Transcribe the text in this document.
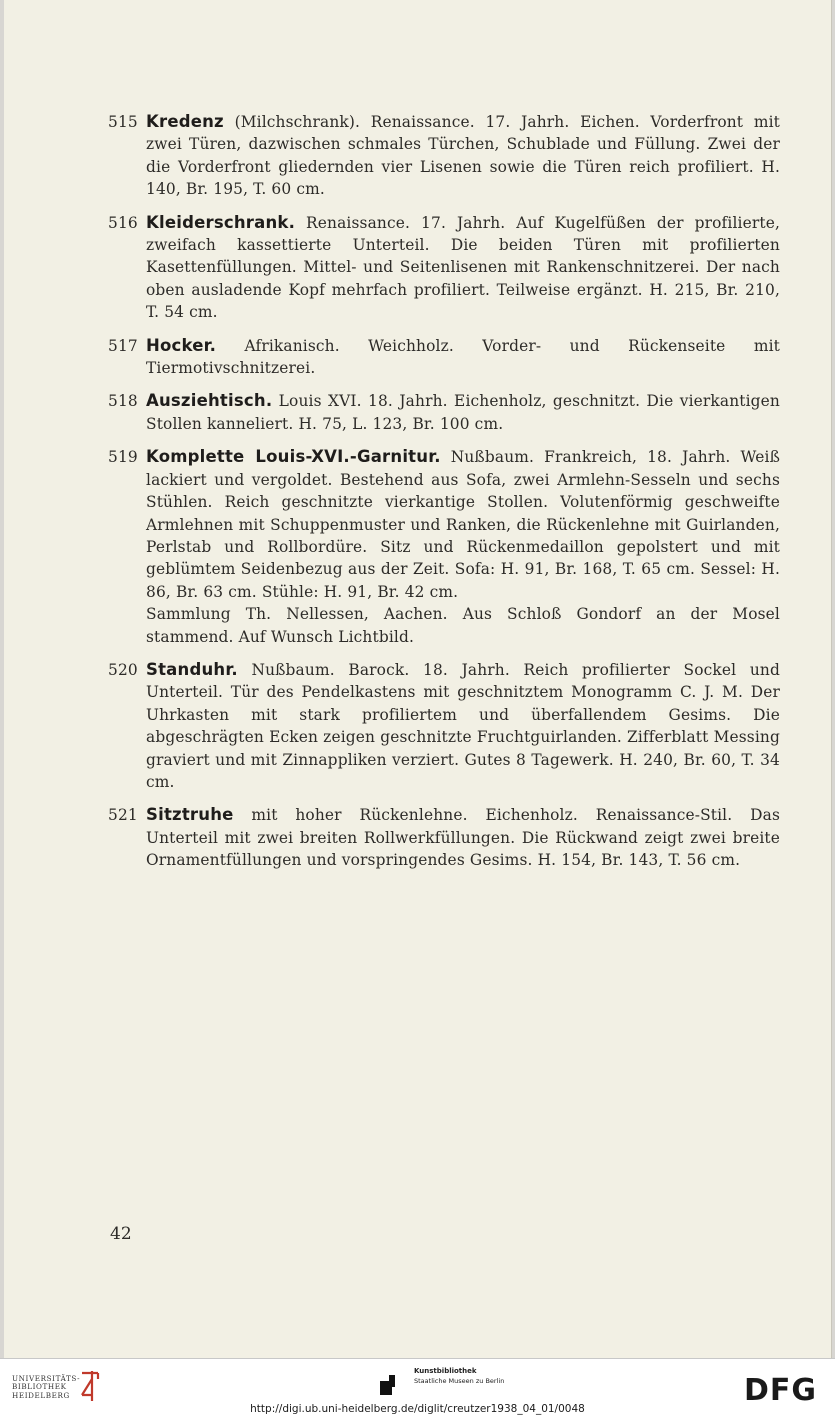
515 Kredenz (Milchschrank). Renaissance. 17. Jahrh. Eichen. Vorderfront mit zwei Türen, dazwischen schmales Türchen, Schublade und Füllung. Zwei der die Vorderfront gliedernden vier Lisenen sowie die Türen reich profiliert. H. 140, Br. 195, T. 60 cm.
516 Kleiderschrank. Renaissance. 17. Jahrh. Auf Kugelfüßen der profilierte, zweifach kassettierte Unterteil. Die beiden Türen mit profilierten Kasettenfüllungen. Mittel- und Seitenlisenen mit Rankenschnitzerei. Der nach oben ausladende Kopf mehrfach profiliert. Teilweise ergänzt. H. 215, Br. 210, T. 54 cm.
517 Hocker. Afrikanisch. Weichholz. Vorder- und Rückenseite mit Tiermotivschnitzerei.
518 Ausziehtisch. Louis XVI. 18. Jahrh. Eichenholz, geschnitzt. Die vierkantigen Stollen kanneliert. H. 75, L. 123, Br. 100 cm.
519 Komplette Louis-XVI.-Garnitur. Nußbaum. Frankreich, 18. Jahrh. Weiß lackiert und vergoldet. Bestehend aus Sofa, zwei Armlehn-Sesseln und sechs Stühlen. Reich geschnitzte vierkantige Stollen. Volutenförmig geschweifte Armlehnen mit Schuppenmuster und Ranken, die Rückenlehne mit Guirlanden, Perlstab und Rollbordüre. Sitz und Rückenmedaillon gepolstert und mit geblümtem Seidenbezug aus der Zeit. Sofa: H. 91, Br. 168, T. 65 cm. Sessel: H. 86, Br. 63 cm. Stühle: H. 91, Br. 42 cm.
Sammlung Th. Nellessen, Aachen. Aus Schloß Gondorf an der Mosel stammend. Auf Wunsch Lichtbild.
520 Standuhr. Nußbaum. Barock. 18. Jahrh. Reich profilierter Sockel und Unterteil. Tür des Pendelkastens mit geschnitztem Monogramm C. J. M. Der Uhrkasten mit stark profiliertem und überfallendem Gesims. Die abgeschrägten Ecken zeigen geschnitzte Fruchtguirlanden. Zifferblatt Messing graviert und mit Zinnappliken verziert. Gutes 8 Tagewerk. H. 240, Br. 60, T. 34 cm.
521 Sitztruhe mit hoher Rückenlehne. Eichenholz. Renaissance-Stil. Das Unterteil mit zwei breiten Rollwerkfüllungen. Die Rückwand zeigt zwei breite Ornamentfüllungen und vorspringendes Gesims. H. 154, Br. 143, T. 56 cm.
42
UNIVERSITÄTS-
BIBLIOTHEK
HEIDELBERG
Kunstbibliothek
Staatliche Museen zu Berlin	DFG
http://digi.ub.uni-heidelberg.de/diglit/creutzer1938_04_01/0048
